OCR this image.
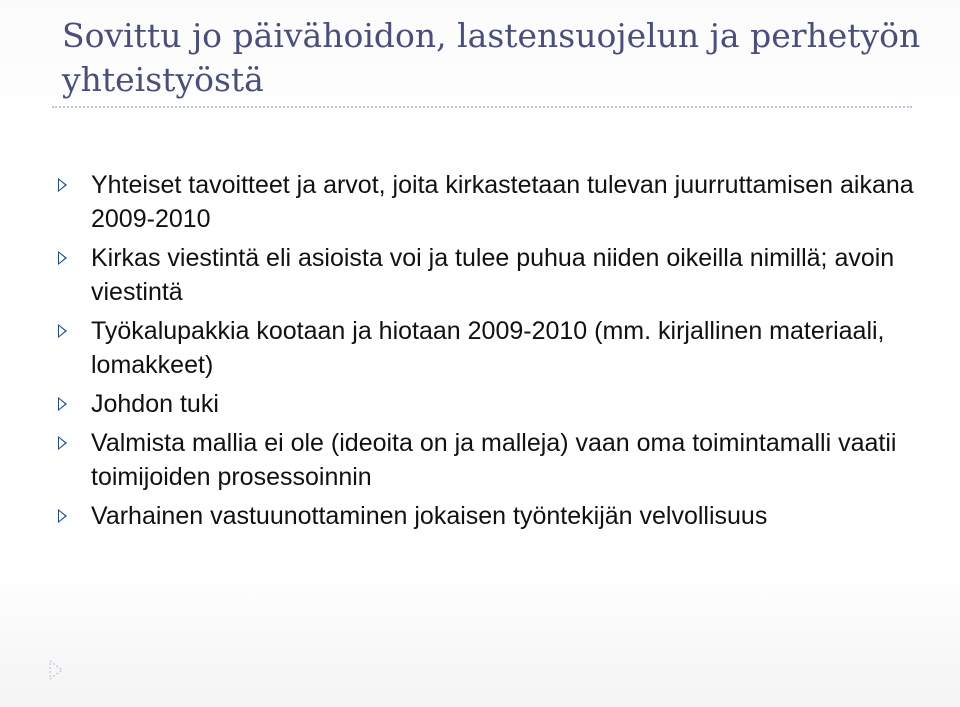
Sovittu jo päivähoidon, lastensuojelun ja perhetyön yhteistyöstä
Yhteiset tavoitteet ja arvot, joita kirkastetaan tulevan juurruttamisen aikana 2009-2010
Kirkas viestintä eli asioista voi ja tulee puhua niiden oikeilla nimillä; avoin viestintä
Työkalupakkia kootaan ja hiotaan 2009-2010 (mm. kirjallinen materiaali, lomakkeet)
Johdon tuki
Valmista mallia ei ole (ideoita on ja malleja) vaan oma toimintamalli vaatii toimijoiden prosessoinnin
Varhainen vastuunottaminen jokaisen työntekijän velvollisuus
